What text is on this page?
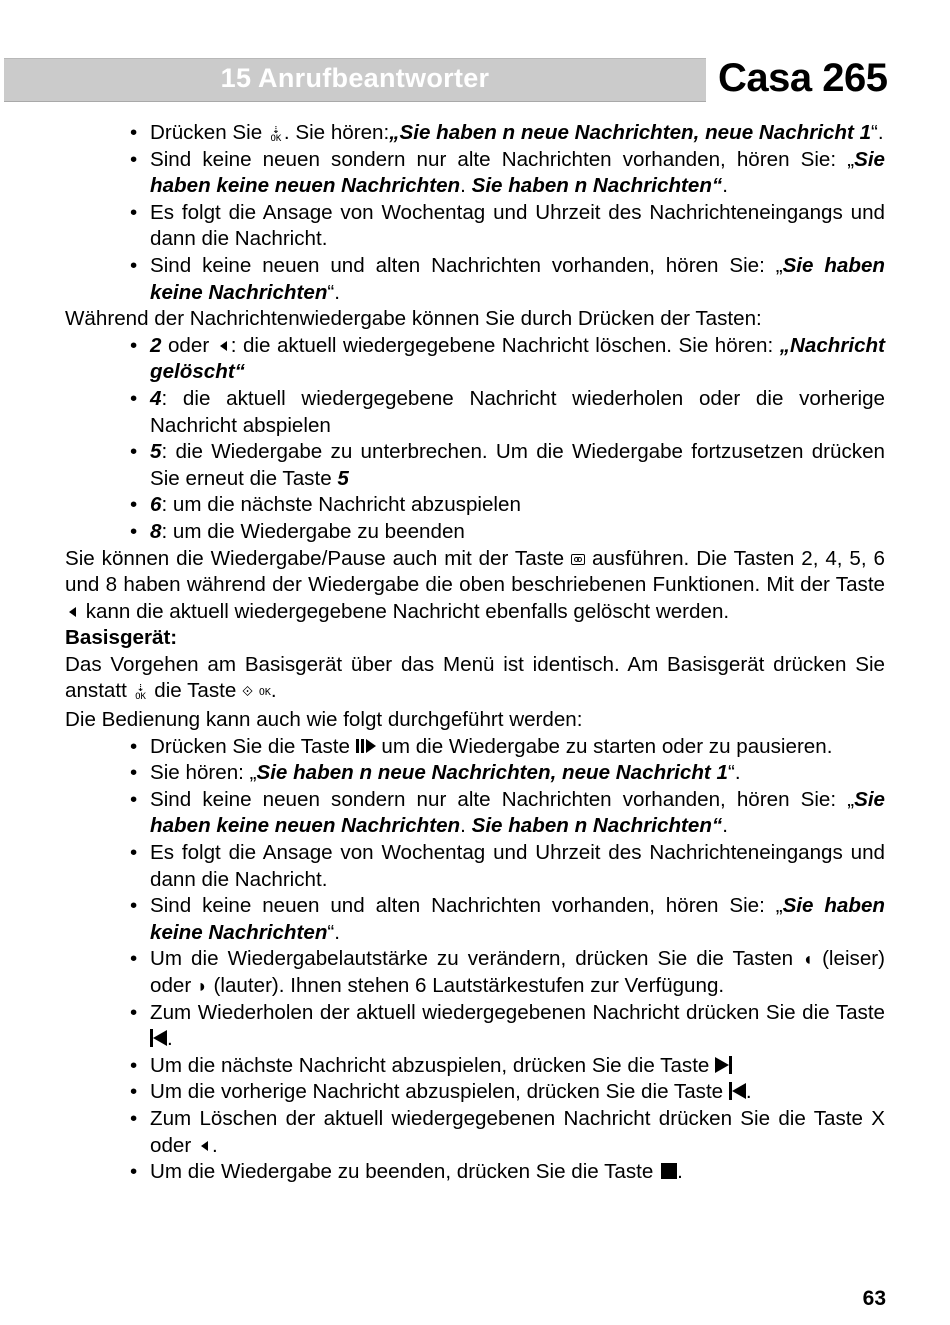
15 Anrufbeantworter	Casa 265

• Drücken Sie ⇣
OK . Sie hören:„Sie haben n neue Nachrichten, neue Nachricht 1“.

• Sind keine neuen sondern nur alte Nachrichten vorhanden, hören Sie: „Sie haben keine neuen Nachrichten. Sie haben n Nachrichten“.

• Es folgt die Ansage von Wochentag und Uhrzeit des Nachrichteneingangs und dann die Nachricht.

• Sind keine neuen und alten Nachrichten vorhanden, hören Sie: „Sie haben keine Nachrichten“.

Während der Nachrichtenwiedergabe können Sie durch Drücken der Tasten:

• 2 oder : die aktuell wiedergegebene Nachricht löschen. Sie hören: „Nachricht gelöscht“

• 4: die aktuell wiedergegebene Nachricht wiederholen oder die vorherige Nachricht abspielen

• 5: die Wiedergabe zu unterbrechen. Um die Wiedergabe fortzusetzen drücken Sie erneut die Taste 5

• 6: um die nächste Nachricht abzuspielen

• 8: um die Wiedergabe zu beenden

Sie können die Wiedergabe/Pause auch mit der Taste  ausführen. Die Tasten 2, 4, 5, 6 und 8 haben während der Wiedergabe die oben beschriebenen Funktionen. Mit der Taste  kann die aktuell wiedergegebene Nachricht ebenfalls gelöscht werden.

Basisgerät:

Das Vorgehen am Basisgerät über das Menü ist identisch. Am Basisgerät drücken Sie anstatt ⇣
OK die Taste ⟐ OK.

Die Bedienung kann auch wie folgt durchgeführt werden:

• Drücken Sie die Taste  um die Wiedergabe zu starten oder zu pausieren.

• Sie hören: „Sie haben n neue Nachrichten, neue Nachricht 1“.

• Sind keine neuen sondern nur alte Nachrichten vorhanden, hören Sie: „Sie haben keine neuen Nachrichten. Sie haben n Nachrichten“.

• Es folgt die Ansage von Wochentag und Uhrzeit des Nachrichteneingangs und dann die Nachricht.

• Sind keine neuen und alten Nachrichten vorhanden, hören Sie: „Sie haben keine Nachrichten“.

• Um die Wiedergabelautstärke zu verändern, drücken Sie die Tasten ◖ (leiser) oder ◗ (lauter). Ihnen stehen 6 Lautstärkestufen zur Verfügung.

• Zum Wiederholen der aktuell wiedergegebenen Nachricht drücken Sie die Taste .

• Um die nächste Nachricht abzuspielen, drücken Sie die Taste

• Um die vorherige Nachricht abzuspielen, drücken Sie die Taste .

• Zum Löschen der aktuell wiedergegebenen Nachricht drücken Sie die Taste X oder .

• Um die Wiedergabe zu beenden, drücken Sie die Taste .

63
